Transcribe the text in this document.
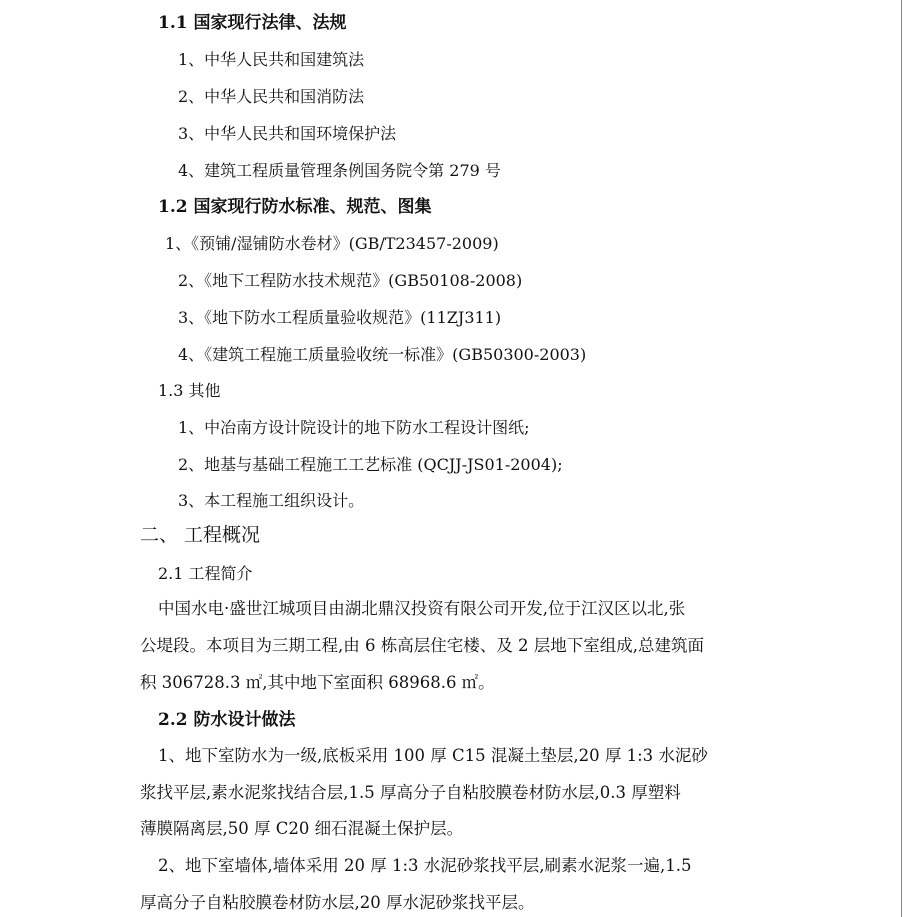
1.1 国家现行法律、法规
1、中华人民共和国建筑法
2、中华人民共和国消防法
3、中华人民共和国环境保护法
4、建筑工程质量管理条例国务院令第 279 号
1.2 国家现行防水标准、规范、图集
1、《预铺/湿铺防水卷材》(GB/T23457-2009)
2、《地下工程防水技术规范》(GB50108-2008)
3、《地下防水工程质量验收规范》(11ZJ311)
4、《建筑工程施工质量验收统一标准》(GB50300-2003)
1.3 其他
1、中冶南方设计院设计的地下防水工程设计图纸;
2、地基与基础工程施工工艺标准 (QCJJ-JS01-2004);
3、本工程施工组织设计。
二、 工程概况
2.1 工程简介
中国水电·盛世江城项目由湖北鼎汉投资有限公司开发,位于江汉区以北,张
公堤段。本项目为三期工程,由 6 栋高层住宅楼、及 2 层地下室组成,总建筑面
积 306728.3 ㎡,其中地下室面积 68968.6 ㎡。
2.2 防水设计做法
1、地下室防水为一级,底板采用 100 厚 C15 混凝土垫层,20 厚 1:3 水泥砂
浆找平层,素水泥浆找结合层,1.5 厚高分子自粘胶膜卷材防水层,0.3 厚塑料
薄膜隔离层,50 厚 C20 细石混凝土保护层。
2、地下室墙体,墙体采用 20 厚 1:3 水泥砂浆找平层,刷素水泥浆一遍,1.5
厚高分子自粘胶膜卷材防水层,20 厚水泥砂浆找平层。
